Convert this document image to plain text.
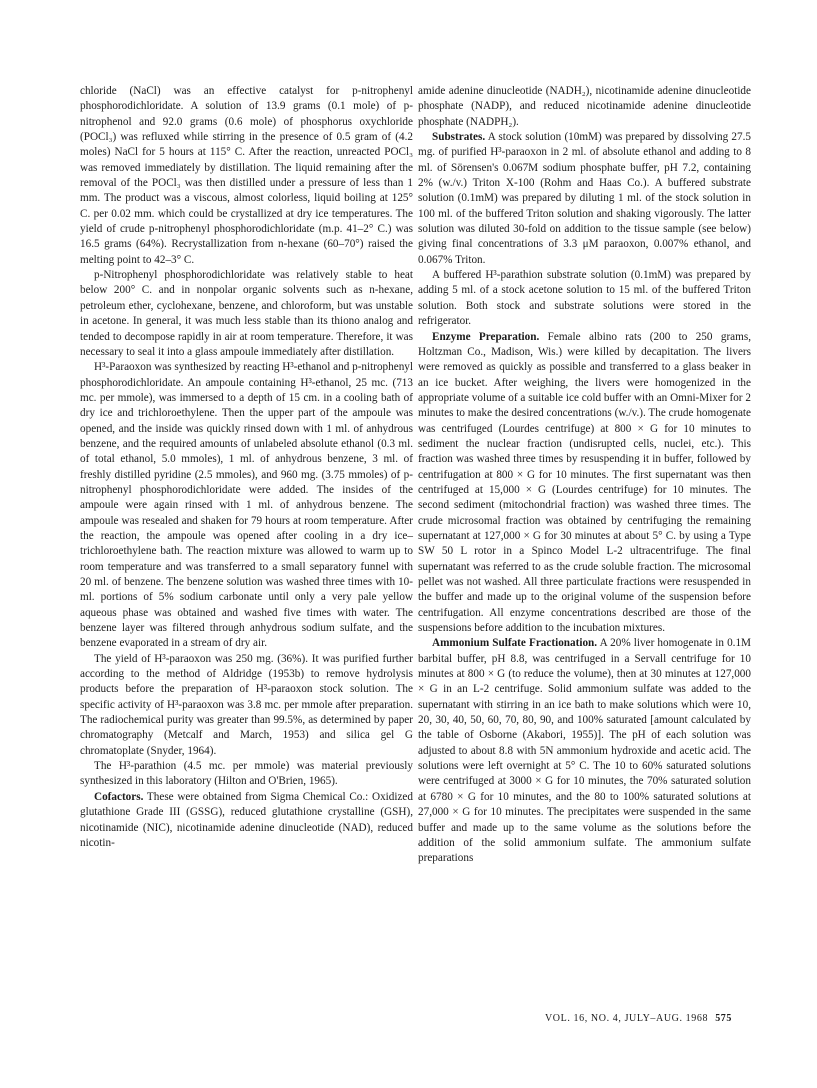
chloride (NaCl) was an effective catalyst for p-nitrophenyl phosphorodichloridate. A solution of 13.9 grams (0.1 mole) of p-nitrophenol and 92.0 grams (0.6 mole) of phosphorus oxychloride (POCl₃) was refluxed while stirring in the presence of 0.5 gram of (4.2 moles) NaCl for 5 hours at 115° C. After the reaction, unreacted POCl₃ was removed immediately by distillation. The liquid remaining after the removal of the POCl₃ was then distilled under a pressure of less than 1 mm. The product was a viscous, almost colorless, liquid boiling at 125° C. per 0.02 mm. which could be crystallized at dry ice temperatures. The yield of crude p-nitrophenyl phosphorodichloridate (m.p. 41–2° C.) was 16.5 grams (64%). Recrystallization from n-hexane (60–70°) raised the melting point to 42–3° C.

p-Nitrophenyl phosphorodichloridate was relatively stable to heat below 200° C. and in nonpolar organic solvents such as n-hexane, petroleum ether, cyclohexane, benzene, and chloroform, but was unstable in acetone. In general, it was much less stable than its thiono analog and tended to decompose rapidly in air at room temperature. Therefore, it was necessary to seal it into a glass ampoule immediately after distillation.

H³-Paraoxon was synthesized by reacting H³-ethanol and p-nitrophenyl phosphorodichloridate. An ampoule containing H³-ethanol, 25 mc. (713 mc. per mmole), was immersed to a depth of 15 cm. in a cooling bath of dry ice and trichloroethylene. Then the upper part of the ampoule was opened, and the inside was quickly rinsed down with 1 ml. of anhydrous benzene, and the required amounts of unlabeled absolute ethanol (0.3 ml. of total ethanol, 5.0 mmoles), 1 ml. of anhydrous benzene, 3 ml. of freshly distilled pyridine (2.5 mmoles), and 960 mg. (3.75 mmoles) of p-nitrophenyl phosphorodichloridate were added. The insides of the ampoule were again rinsed with 1 ml. of anhydrous benzene. The ampoule was resealed and shaken for 79 hours at room temperature. After the reaction, the ampoule was opened after cooling in a dry ice–trichloroethylene bath. The reaction mixture was allowed to warm up to room temperature and was transferred to a small separatory funnel with 20 ml. of benzene. The benzene solution was washed three times with 10-ml. portions of 5% sodium carbonate until only a very pale yellow aqueous phase was obtained and washed five times with water. The benzene layer was filtered through anhydrous sodium sulfate, and the benzene evaporated in a stream of dry air.

The yield of H³-paraoxon was 250 mg. (36%). It was purified further according to the method of Aldridge (1953b) to remove hydrolysis products before the preparation of H³-paraoxon stock solution. The specific activity of H³-paraoxon was 3.8 mc. per mmole after preparation. The radiochemical purity was greater than 99.5%, as determined by paper chromatography (Metcalf and March, 1953) and silica gel G chromatoplate (Snyder, 1964).

The H³-parathion (4.5 mc. per mmole) was material previously synthesized in this laboratory (Hilton and O'Brien, 1965).

Cofactors. These were obtained from Sigma Chemical Co.: Oxidized glutathione Grade III (GSSG), reduced glutathione crystalline (GSH), nicotinamide (NIC), nicotinamide adenine dinucleotide (NAD), reduced nicotin-

amide adenine dinucleotide (NADH₂), nicotinamide adenine dinucleotide phosphate (NADP), and reduced nicotinamide adenine dinucleotide phosphate (NADPH₂).

Substrates. A stock solution (10mM) was prepared by dissolving 27.5 mg. of purified H³-paraoxon in 2 ml. of absolute ethanol and adding to 8 ml. of Sörensen's 0.067M sodium phosphate buffer, pH 7.2, containing 2% (w./v.) Triton X-100 (Rohm and Haas Co.). A buffered substrate solution (0.1mM) was prepared by diluting 1 ml. of the stock solution in 100 ml. of the buffered Triton solution and shaking vigorously. The latter solution was diluted 30-fold on addition to the tissue sample (see below) giving final concentrations of 3.3 μM paraoxon, 0.007% ethanol, and 0.067% Triton.

A buffered H³-parathion substrate solution (0.1mM) was prepared by adding 5 ml. of a stock acetone solution to 15 ml. of the buffered Triton solution. Both stock and substrate solutions were stored in the refrigerator.

Enzyme Preparation. Female albino rats (200 to 250 grams, Holtzman Co., Madison, Wis.) were killed by decapitation. The livers were removed as quickly as possible and transferred to a glass beaker in an ice bucket. After weighing, the livers were homogenized in the appropriate volume of a suitable ice cold buffer with an Omni-Mixer for 2 minutes to make the desired concentrations (w./v.). The crude homogenate was centrifuged (Lourdes centrifuge) at 800 × G for 10 minutes to sediment the nuclear fraction (undisrupted cells, nuclei, etc.). This fraction was washed three times by resuspending it in buffer, followed by centrifugation at 800 × G for 10 minutes. The first supernatant was then centrifuged at 15,000 × G (Lourdes centrifuge) for 10 minutes. The second sediment (mitochondrial fraction) was washed three times. The crude microsomal fraction was obtained by centrifuging the remaining supernatant at 127,000 × G for 30 minutes at about 5° C. by using a Type SW 50 L rotor in a Spinco Model L-2 ultracentrifuge. The final supernatant was referred to as the crude soluble fraction. The microsomal pellet was not washed. All three particulate fractions were resuspended in the buffer and made up to the original volume of the suspension before centrifugation. All enzyme concentrations described are those of the suspensions before addition to the incubation mixtures.

Ammonium Sulfate Fractionation. A 20% liver homogenate in 0.1M barbital buffer, pH 8.8, was centrifuged in a Servall centrifuge for 10 minutes at 800 × G (to reduce the volume), then at 30 minutes at 127,000 × G in an L-2 centrifuge. Solid ammonium sulfate was added to the supernatant with stirring in an ice bath to make solutions which were 10, 20, 30, 40, 50, 60, 70, 80, 90, and 100% saturated [amount calculated by the table of Osborne (Akabori, 1955)]. The pH of each solution was adjusted to about 8.8 with 5N ammonium hydroxide and acetic acid. The solutions were left overnight at 5° C. The 10 to 60% saturated solutions were centrifuged at 3000 × G for 10 minutes, the 70% saturated solution at 6780 × G for 10 minutes, and the 80 to 100% saturated solutions at 27,000 × G for 10 minutes. The precipitates were suspended in the same buffer and made up to the same volume as the solutions before the addition of the solid ammonium sulfate. The ammonium sulfate preparations

VOL. 16, NO. 4, JULY–AUG. 1968 575
